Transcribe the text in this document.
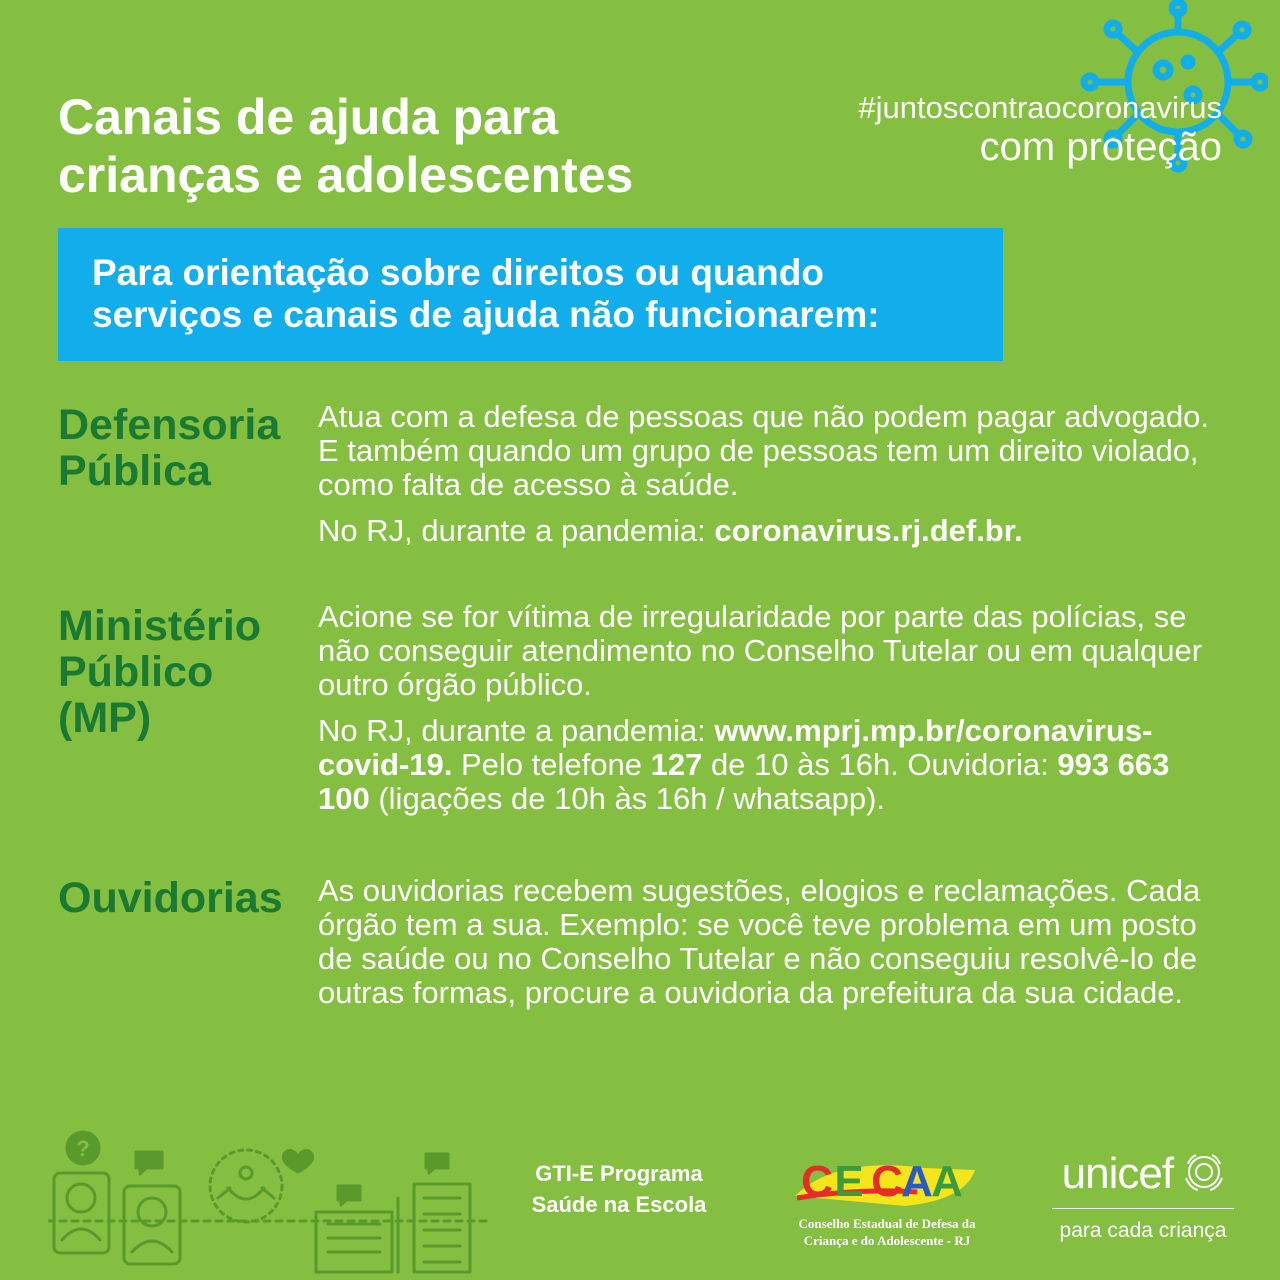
Canais de ajuda para
crianças e adolescentes
#juntoscontraocoronavirus
com proteção
Para orientação sobre direitos ou quando
serviços e canais de ajuda não funcionarem:
Defensoria
Pública

Atua com a defesa de pessoas que não podem pagar advogado. E também quando um grupo de pessoas tem um direito violado, como falta de acesso à saúde.

No RJ, durante a pandemia: coronavirus.rj.def.br.

Ministério
Público
(MP)

Acione se for vítima de irregularidade por parte das polícias, se não conseguir atendimento no Conselho Tutelar ou em qualquer outro órgão público.

No RJ, durante a pandemia: www.mprj.mp.br/coronavirus-covid-19. Pelo telefone 127 de 10 às 16h. Ouvidoria: 993 663 100 (ligações de 10h às 16h / whatsapp).

Ouvidorias As ouvidorias recebem sugestões, elogios e reclamações. Cada órgão tem a sua. Exemplo: se você teve problema em um posto de saúde ou no Conselho Tutelar e não conseguiu resolvê-lo de outras formas, procure a ouvidoria da prefeitura da sua cidade.

?
GTI-E Programa
Saúde na Escola	C
A
E
C A
Conselho Estadual de Defesa da
Criança e do Adolescente - RJ
unicef
para cada criança
